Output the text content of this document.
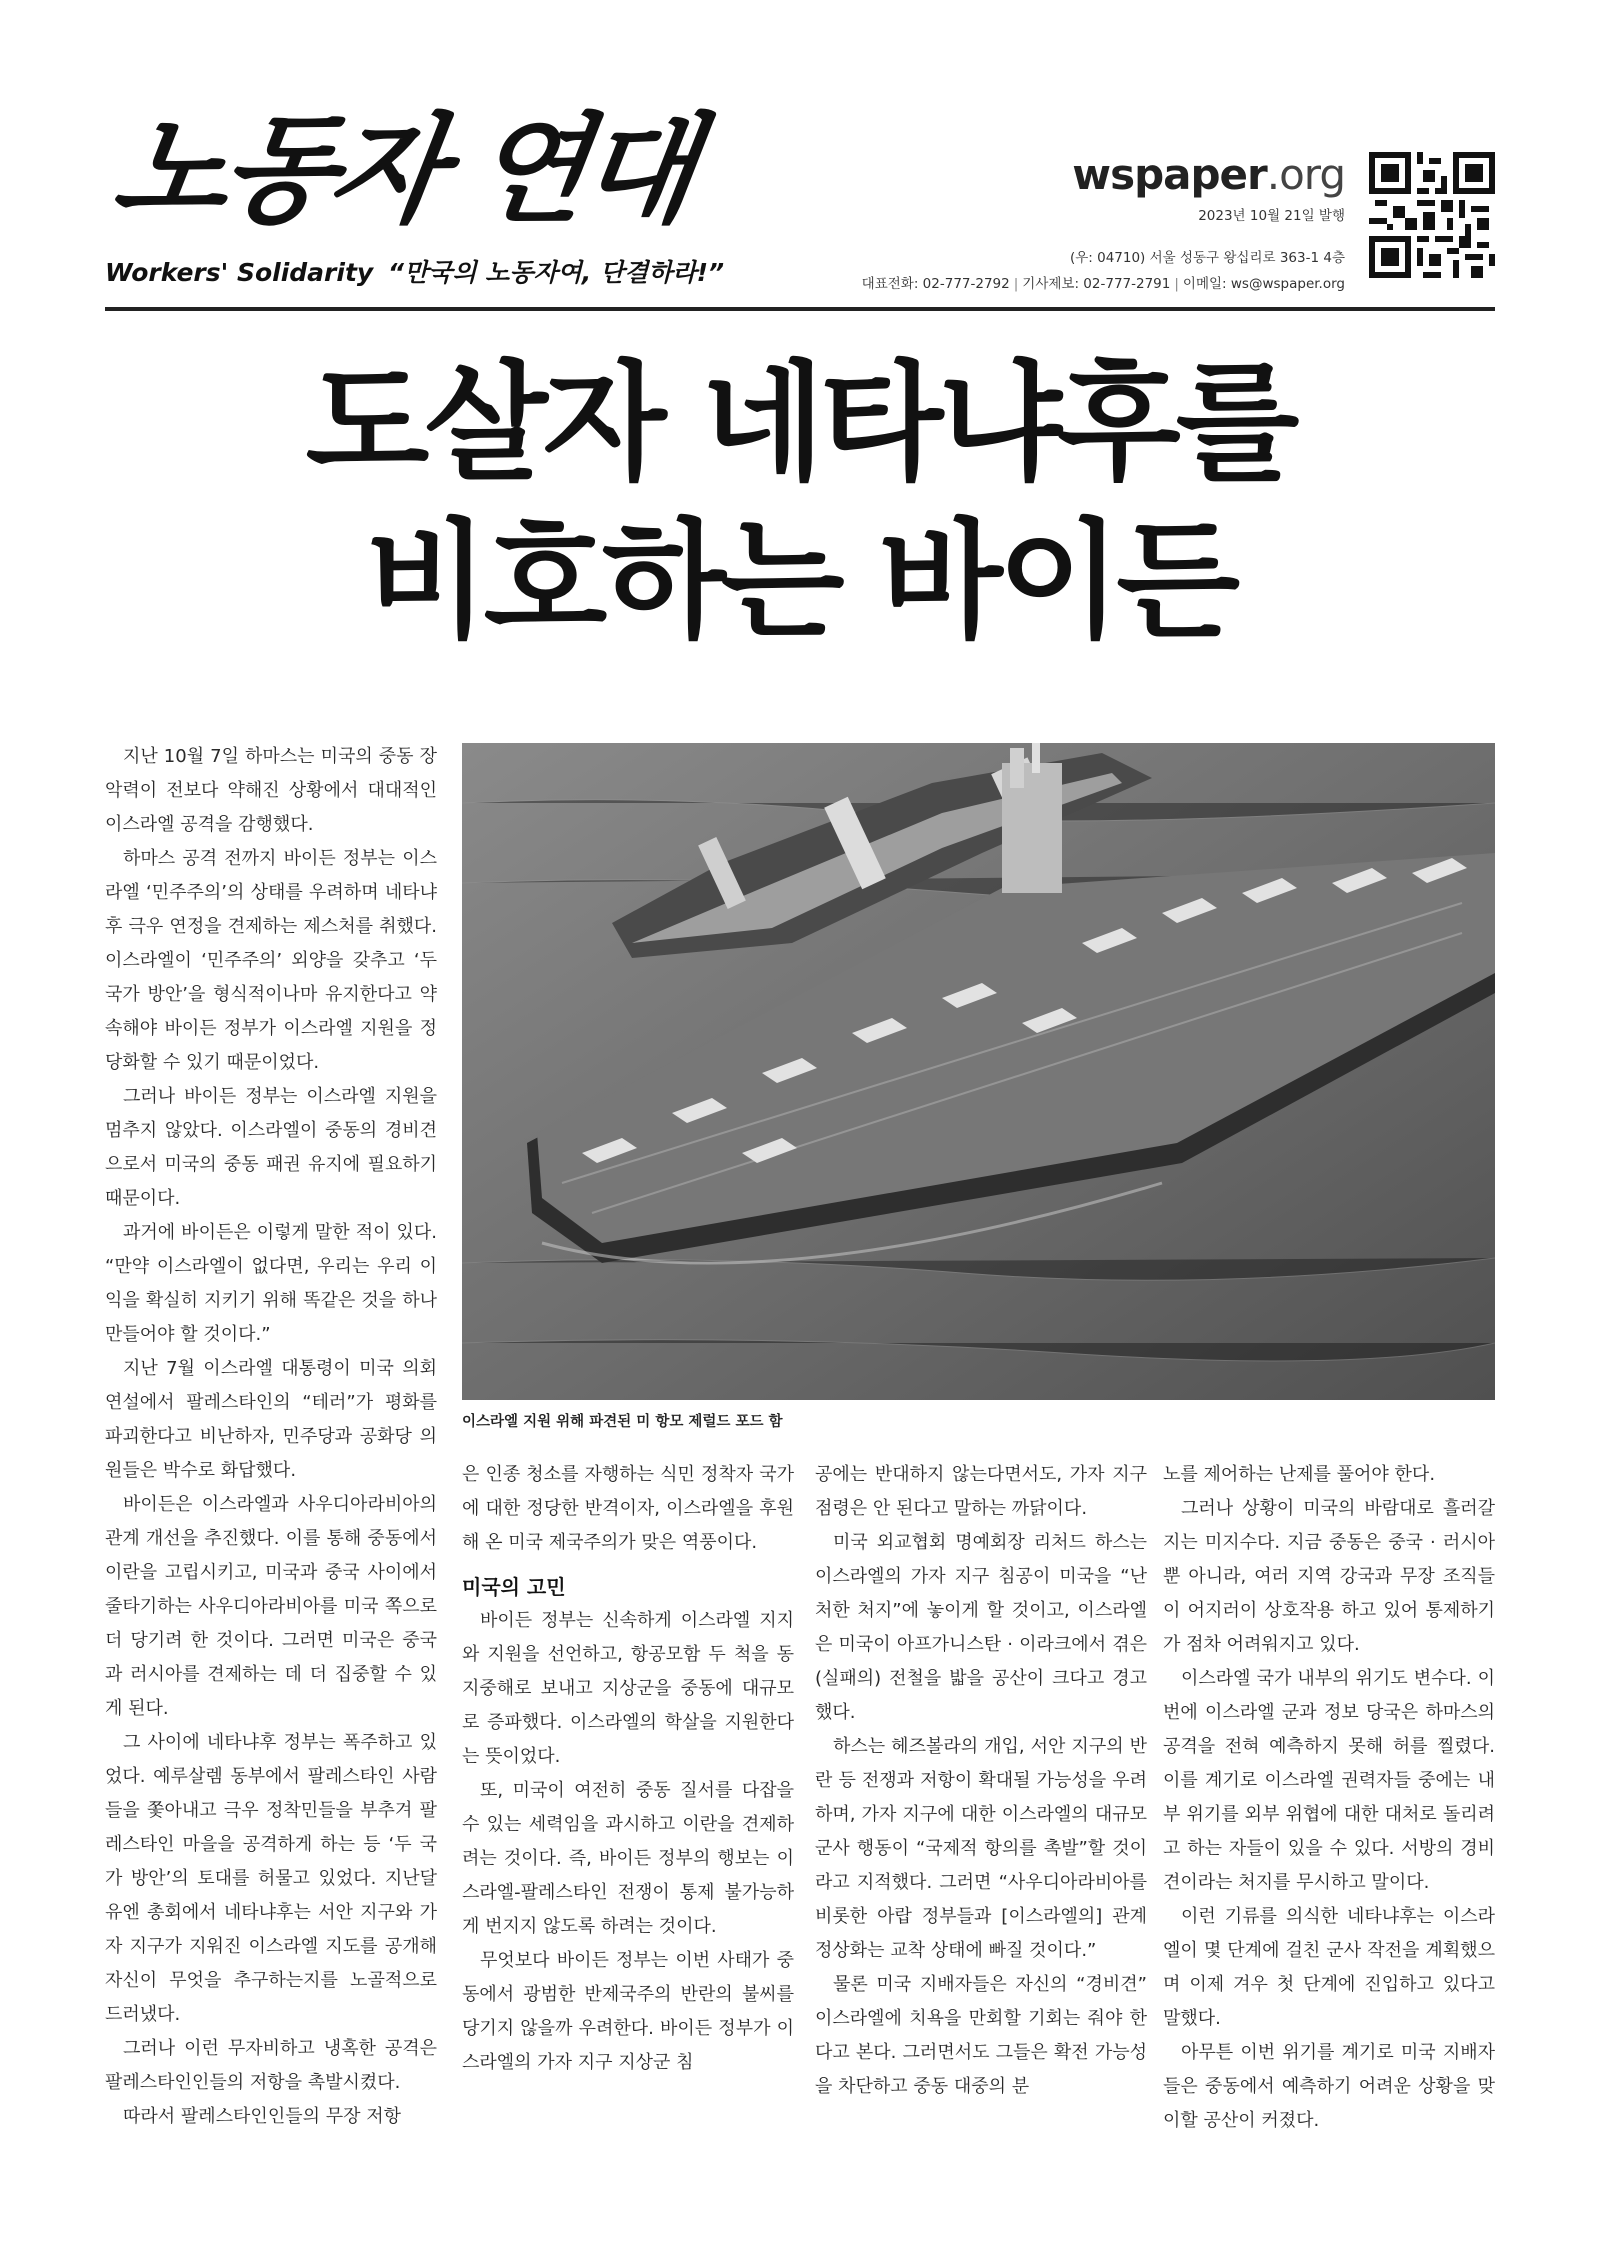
노동자 연대
Workers' Solidarity “만국의 노동자여, 단결하라!”
wspaper.org
2023년 10월 21일 발행
(우: 04710) 서울 성동구 왕십리로 363-1 4층
대표전화: 02-777-2792 | 기사제보: 02-777-2791 | 이메일: ws@wspaper.org
도살자 네타냐후를
비호하는 바이든

지난 10월 7일 하마스는 미국의 중동 장악력이 전보다 약해진 상황에서 대대적인 이스라엘 공격을 감행했다.

하마스 공격 전까지 바이든 정부는 이스라엘 ‘민주주의’의 상태를 우려하며 네타냐후 극우 연정을 견제하는 제스처를 취했다. 이스라엘이 ‘민주주의’ 외양을 갖추고 ‘두 국가 방안’을 형식적이나마 유지한다고 약속해야 바이든 정부가 이스라엘 지원을 정당화할 수 있기 때문이었다.

그러나 바이든 정부는 이스라엘 지원을 멈추지 않았다. 이스라엘이 중동의 경비견으로서 미국의 중동 패권 유지에 필요하기 때문이다.

과거에 바이든은 이렇게 말한 적이 있다. “만약 이스라엘이 없다면, 우리는 우리 이익을 확실히 지키기 위해 똑같은 것을 하나 만들어야 할 것이다.”

지난 7월 이스라엘 대통령이 미국 의회 연설에서 팔레스타인의 “테러”가 평화를 파괴한다고 비난하자, 민주당과 공화당 의원들은 박수로 화답했다.

바이든은 이스라엘과 사우디아라비아의 관계 개선을 추진했다. 이를 통해 중동에서 이란을 고립시키고, 미국과 중국 사이에서 줄타기하는 사우디아라비아를 미국 쪽으로 더 당기려 한 것이다. 그러면 미국은 중국과 러시아를 견제하는 데 더 집중할 수 있게 된다.

그 사이에 네타냐후 정부는 폭주하고 있었다. 예루살렘 동부에서 팔레스타인 사람들을 쫓아내고 극우 정착민들을 부추겨 팔레스타인 마을을 공격하게 하는 등 ‘두 국가 방안’의 토대를 허물고 있었다. 지난달 유엔 총회에서 네타냐후는 서안 지구와 가자 지구가 지워진 이스라엘 지도를 공개해 자신이 무엇을 추구하는지를 노골적으로 드러냈다.

그러나 이런 무자비하고 냉혹한 공격은 팔레스타인인들의 저항을 촉발시켰다.

따라서 팔레스타인인들의 무장 저항

이스라엘 지원 위해 파견된 미 항모 제럴드 포드 함

은 인종 청소를 자행하는 식민 정착자 국가에 대한 정당한 반격이자, 이스라엘을 후원해 온 미국 제국주의가 맞은 역풍이다.

미국의 고민

바이든 정부는 신속하게 이스라엘 지지와 지원을 선언하고, 항공모함 두 척을 동지중해로 보내고 지상군을 중동에 대규모로 증파했다. 이스라엘의 학살을 지원한다는 뜻이었다.

또, 미국이 여전히 중동 질서를 다잡을 수 있는 세력임을 과시하고 이란을 견제하려는 것이다. 즉, 바이든 정부의 행보는 이스라엘-팔레스타인 전쟁이 통제 불가능하게 번지지 않도록 하려는 것이다.

무엇보다 바이든 정부는 이번 사태가 중동에서 광범한 반제국주의 반란의 불씨를 당기지 않을까 우려한다. 바이든 정부가 이스라엘의 가자 지구 지상군 침

공에는 반대하지 않는다면서도, 가자 지구 점령은 안 된다고 말하는 까닭이다.

미국 외교협회 명예회장 리처드 하스는 이스라엘의 가자 지구 침공이 미국을 “난처한 처지”에 놓이게 할 것이고, 이스라엘은 미국이 아프가니스탄 · 이라크에서 겪은 (실패의) 전철을 밟을 공산이 크다고 경고했다.

하스는 헤즈볼라의 개입, 서안 지구의 반란 등 전쟁과 저항이 확대될 가능성을 우려하며, 가자 지구에 대한 이스라엘의 대규모 군사 행동이 “국제적 항의를 촉발”할 것이라고 지적했다. 그러면 “사우디아라비아를 비롯한 아랍 정부들과 [이스라엘의] 관계 정상화는 교착 상태에 빠질 것이다.”

물론 미국 지배자들은 자신의 “경비견” 이스라엘에 치욕을 만회할 기회는 줘야 한다고 본다. 그러면서도 그들은 확전 가능성을 차단하고 중동 대중의 분

노를 제어하는 난제를 풀어야 한다.

그러나 상황이 미국의 바람대로 흘러갈지는 미지수다. 지금 중동은 중국 · 러시아뿐 아니라, 여러 지역 강국과 무장 조직들이 어지러이 상호작용 하고 있어 통제하기가 점차 어려워지고 있다.

이스라엘 국가 내부의 위기도 변수다. 이번에 이스라엘 군과 정보 당국은 하마스의 공격을 전혀 예측하지 못해 허를 찔렸다. 이를 계기로 이스라엘 권력자들 중에는 내부 위기를 외부 위협에 대한 대처로 돌리려고 하는 자들이 있을 수 있다. 서방의 경비견이라는 처지를 무시하고 말이다.

이런 기류를 의식한 네타냐후는 이스라엘이 몇 단계에 걸친 군사 작전을 계획했으며 이제 겨우 첫 단계에 진입하고 있다고 말했다.

아무튼 이번 위기를 계기로 미국 지배자들은 중동에서 예측하기 어려운 상황을 맞이할 공산이 커졌다.
